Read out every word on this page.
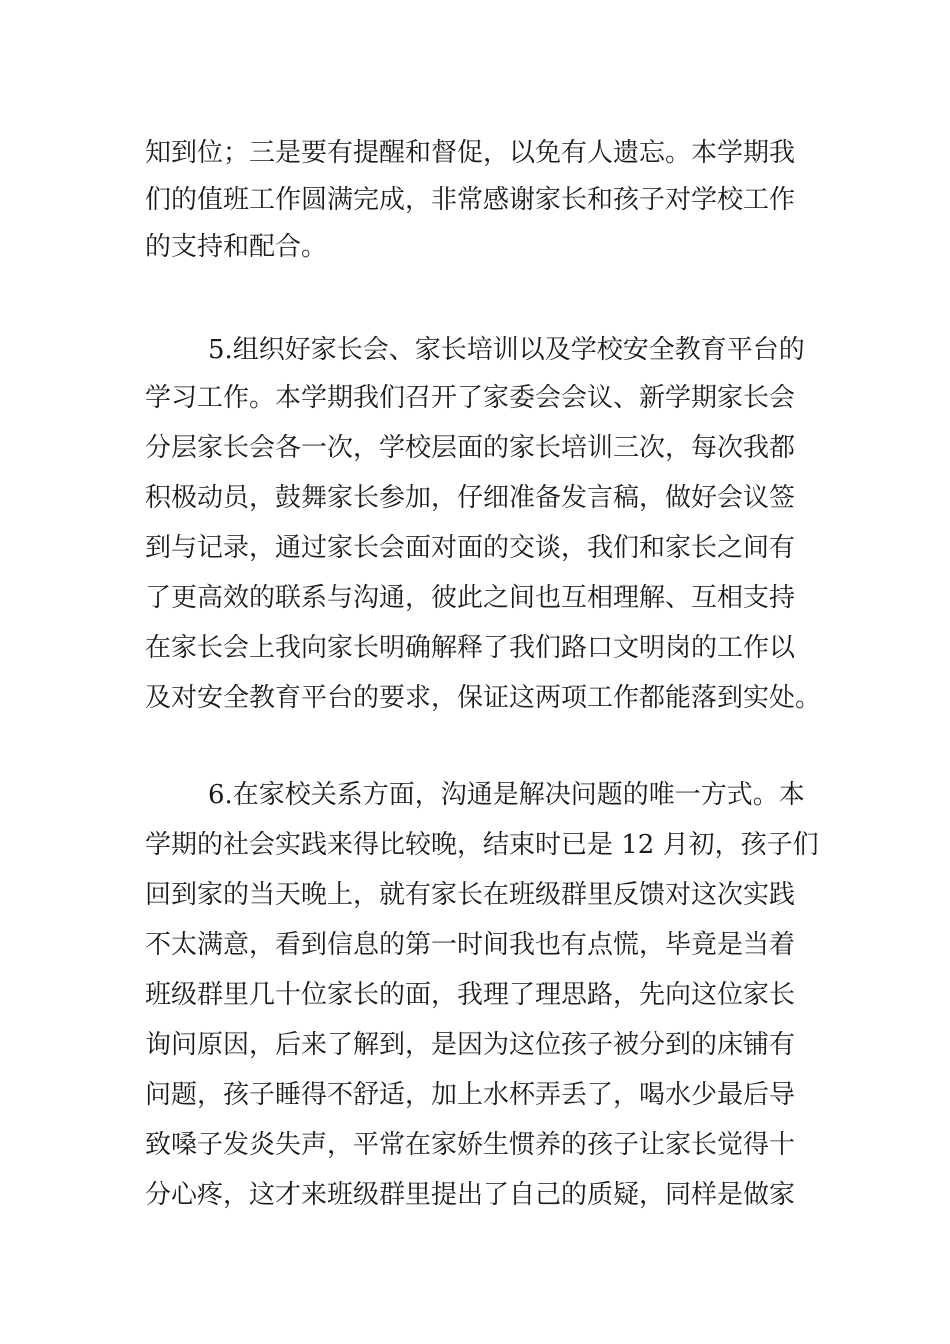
知到位；三是要有提醒和督促，以免有人遗忘。本学期我
们的值班工作圆满完成，非常感谢家长和孩子对学校工作
的支持和配合。
5.组织好家长会、家长培训以及学校安全教育平台的
学习工作。本学期我们召开了家委会会议、新学期家长会
分层家长会各一次，学校层面的家长培训三次，每次我都
积极动员，鼓舞家长参加，仔细准备发言稿，做好会议签
到与记录，通过家长会面对面的交谈，我们和家长之间有
了更高效的联系与沟通，彼此之间也互相理解、互相支持
在家长会上我向家长明确解释了我们路口文明岗的工作以
及对安全教育平台的要求，保证这两项工作都能落到实处。
6.在家校关系方面，沟通是解决问题的唯一方式。本
学期的社会实践来得比较晚，结束时已是 12 月初，孩子们
回到家的当天晚上，就有家长在班级群里反馈对这次实践
不太满意，看到信息的第一时间我也有点慌，毕竟是当着
班级群里几十位家长的面，我理了理思路，先向这位家长
询问原因，后来了解到，是因为这位孩子被分到的床铺有
问题，孩子睡得不舒适，加上水杯弄丢了，喝水少最后导
致嗓子发炎失声，平常在家娇生惯养的孩子让家长觉得十
分心疼，这才来班级群里提出了自己的质疑，同样是做家
